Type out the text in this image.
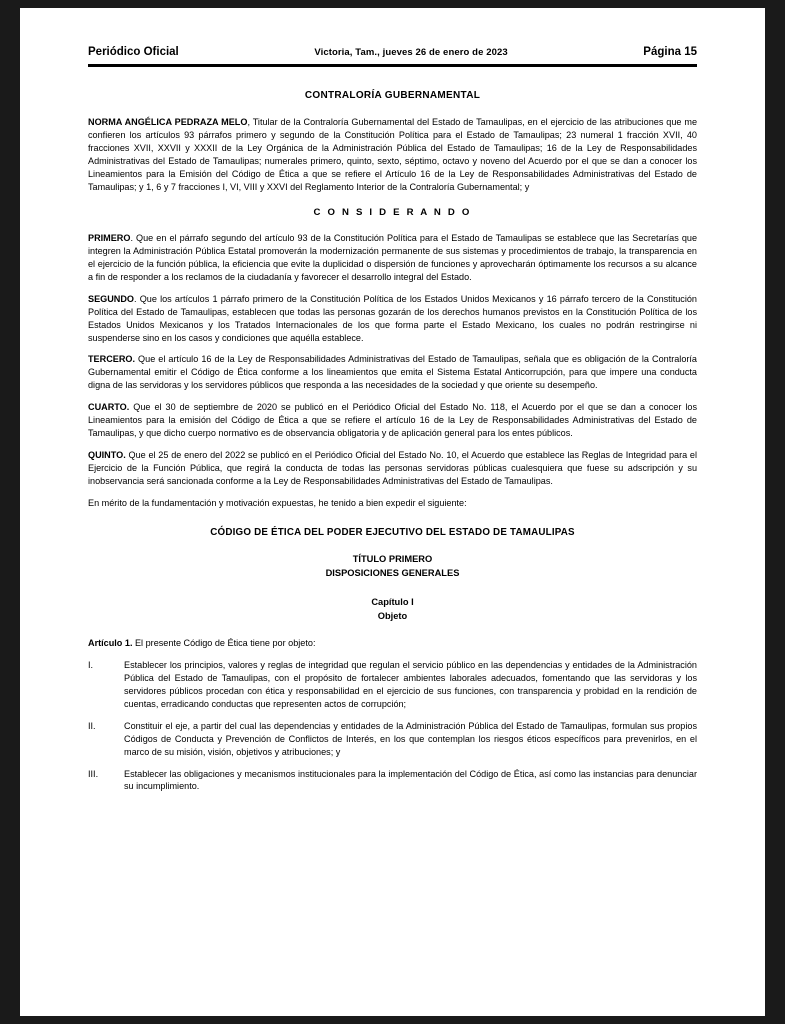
Periódico Oficial	Victoria, Tam., jueves 26 de enero de 2023	Página 15
CONTRALORÍA GUBERNAMENTAL

NORMA ANGÉLICA PEDRAZA MELO, Titular de la Contraloría Gubernamental del Estado de Tamaulipas, en el ejercicio de las atribuciones que me confieren los artículos 93 párrafos primero y segundo de la Constitución Política para el Estado de Tamaulipas; 23 numeral 1 fracción XVII, 40 fracciones XVII, XXVII y XXXII de la Ley Orgánica de la Administración Pública del Estado de Tamaulipas; 16 de la Ley de Responsabilidades Administrativas del Estado de Tamaulipas; numerales primero, quinto, sexto, séptimo, octavo y noveno del Acuerdo por el que se dan a conocer los Lineamientos para la Emisión del Código de Ética a que se refiere el Artículo 16 de la Ley de Responsabilidades Administrativas del Estado de Tamaulipas; y 1, 6 y 7 fracciones I, VI, VIII y XXVI del Reglamento Interior de la Contraloría Gubernamental; y

C O N S I D E R A N D O

PRIMERO. Que en el párrafo segundo del artículo 93 de la Constitución Política para el Estado de Tamaulipas se establece que las Secretarías que integren la Administración Pública Estatal promoverán la modernización permanente de sus sistemas y procedimientos de trabajo, la transparencia en el ejercicio de la función pública, la eficiencia que evite la duplicidad o dispersión de funciones y aprovecharán óptimamente los recursos a su alcance a fin de responder a los reclamos de la ciudadanía y favorecer el desarrollo integral del Estado.

SEGUNDO. Que los artículos 1 párrafo primero de la Constitución Política de los Estados Unidos Mexicanos y 16 párrafo tercero de la Constitución Política del Estado de Tamaulipas, establecen que todas las personas gozarán de los derechos humanos previstos en la Constitución Política de los Estados Unidos Mexicanos y los Tratados Internacionales de los que forma parte el Estado Mexicano, los cuales no podrán restringirse ni suspenderse sino en los casos y condiciones que aquélla establece.

TERCERO. Que el artículo 16 de la Ley de Responsabilidades Administrativas del Estado de Tamaulipas, señala que es obligación de la Contraloría Gubernamental emitir el Código de Ética conforme a los lineamientos que emita el Sistema Estatal Anticorrupción, para que impere una conducta digna de las servidoras y los servidores públicos que responda a las necesidades de la sociedad y que oriente su desempeño.

CUARTO. Que el 30 de septiembre de 2020 se publicó en el Periódico Oficial del Estado No. 118, el Acuerdo por el que se dan a conocer los Lineamientos para la emisión del Código de Ética a que se refiere el artículo 16 de la Ley de Responsabilidades Administrativas del Estado de Tamaulipas, y que dicho cuerpo normativo es de observancia obligatoria y de aplicación general para los entes públicos.

QUINTO. Que el 25 de enero del 2022 se publicó en el Periódico Oficial del Estado No. 10, el Acuerdo que establece las Reglas de Integridad para el Ejercicio de la Función Pública, que regirá la conducta de todas las personas servidoras públicas cualesquiera que fuese su adscripción y su inobservancia será sancionada conforme a la Ley de Responsabilidades Administrativas del Estado de Tamaulipas.

En mérito de la fundamentación y motivación expuestas, he tenido a bien expedir el siguiente:

CÓDIGO DE ÉTICA DEL PODER EJECUTIVO DEL ESTADO DE TAMAULIPAS
TÍTULO PRIMERO
DISPOSICIONES GENERALES
Capítulo I
Objeto

Artículo 1. El presente Código de Ética tiene por objeto:

I.	Establecer los principios, valores y reglas de integridad que regulan el servicio público en las dependencias y entidades de la Administración Pública del Estado de Tamaulipas, con el propósito de fortalecer ambientes laborales adecuados, fomentando que las servidoras y los servidores públicos procedan con ética y responsabilidad en el ejercicio de sus funciones, con transparencia y probidad en la rendición de cuentas, erradicando conductas que representen actos de corrupción;
II.	Constituir el eje, a partir del cual las dependencias y entidades de la Administración Pública del Estado de Tamaulipas, formulan sus propios Códigos de Conducta y Prevención de Conflictos de Interés, en los que contemplan los riesgos éticos específicos para prevenirlos, en el marco de su misión, visión, objetivos y atribuciones; y
III.	Establecer las obligaciones y mecanismos institucionales para la implementación del Código de Ética, así como las instancias para denunciar su incumplimiento.
